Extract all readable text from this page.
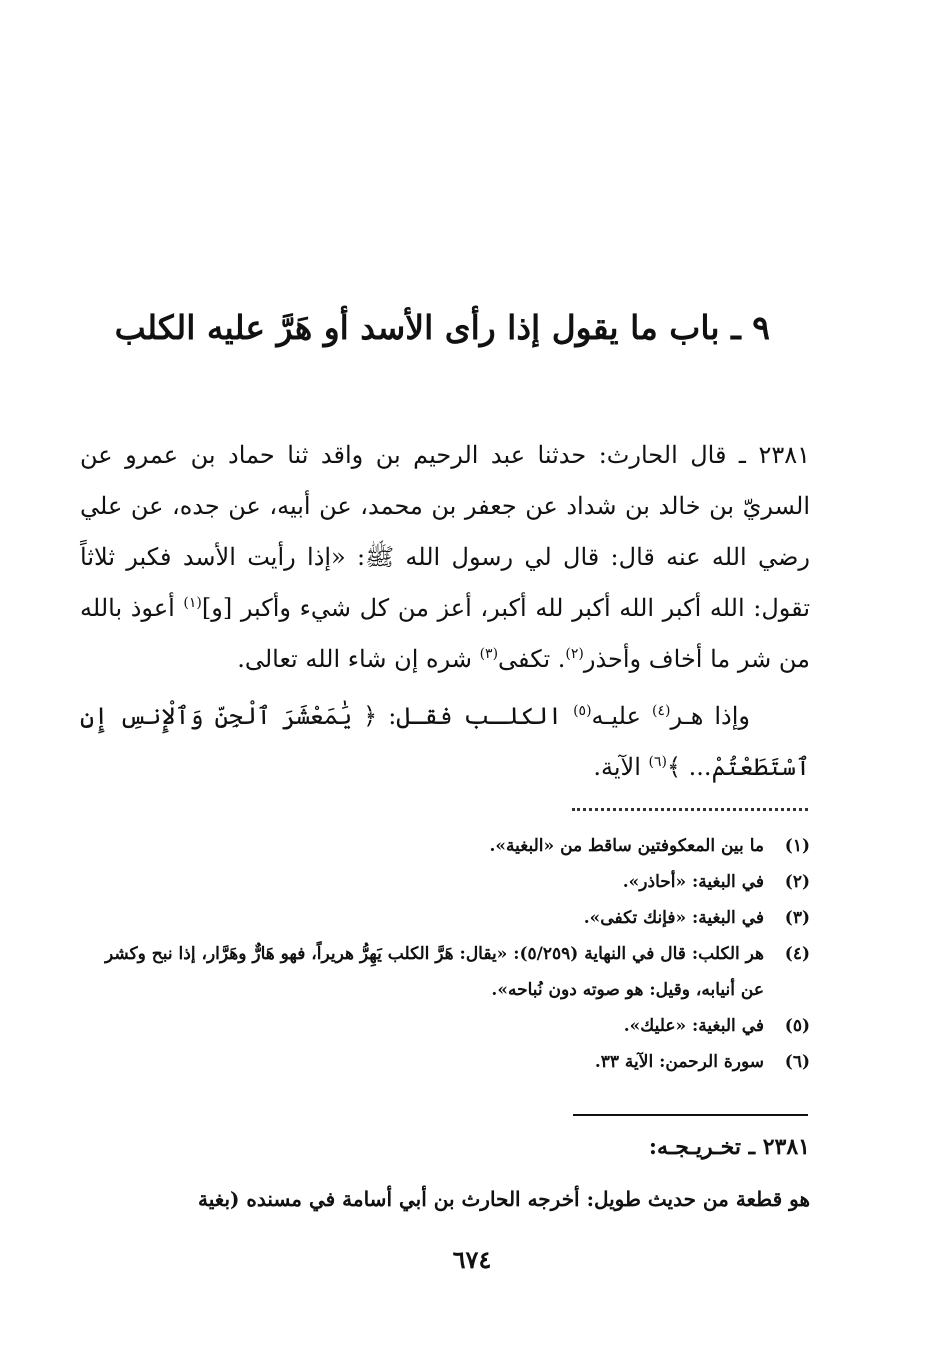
٩ ـ باب ما يقول إذا رأى الأسد أو هَرَّ عليه الكلب

٢٣٨١ ـ قال الحارث: حدثنا عبد الرحيم بن واقد ثنا حماد بن عمرو عن السريّ بن خالد بن شداد عن جعفر بن محمد، عن أبيه، عن جده، عن علي رضي الله عنه قال: قال لي رسول الله ﷺ: «إذا رأيت الأسد فكبر ثلاثاً تقول: الله أكبر الله أكبر لله أكبر، أعز من كل شيء وأكبر [و]$^{(١)}$ أعوذ بالله من شر ما أخاف وأحذر$^{(٢)}$. تكفى$^{(٣)}$ شره إن شاء الله تعالى.

وإذا هـر$^{(٤)}$ عليـه$^{(٥)}$ الكلـب فقـل: ﴿ يَٰمَعْشَرَ ٱلْجِنِّ وَٱلْإِنسِ إِنِ ٱسْتَطَعْتُمْ... ﴾$^{(٦)}$ الآية.

(١)
ما بين المعكوفتين ساقط من «البغية».
(٢)
في البغية: «أحاذر».
(٣)
في البغية: «فإنك تكفى».
(٤)
هر الكلب: قال في النهاية (٥/٢٥٩): «يقال: هَرَّ الكلب يَهِرُّ هريراً، فهو هَارٌّ وهَرَّار، إذا نبح وكشر عن أنيابه، وقيل: هو صوته دون نُباحه».
(٥)
في البغية: «عليك».
(٦)
سورة الرحمن: الآية ٣٣.
٢٣٨١ ـ تخـريـجـه:
هو قطعة من حديث طويل: أخرجه الحارث بن أبي أسامة في مسنده (بغية
٦٧٤
